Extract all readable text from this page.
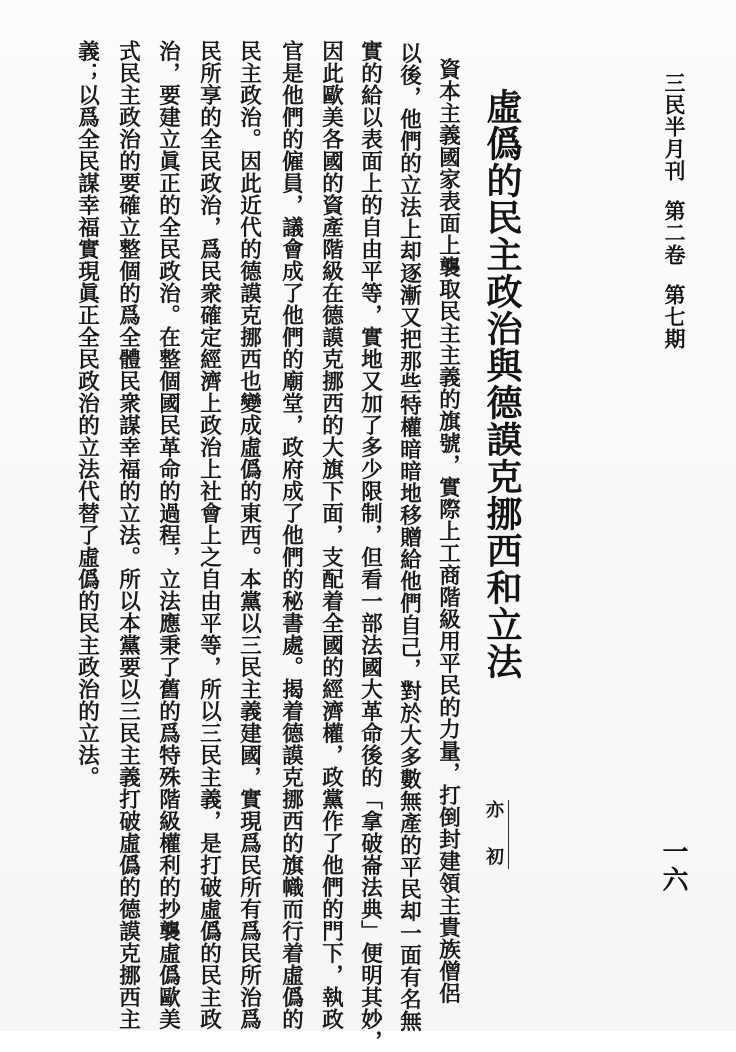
三民半月刊第二卷第七期
一六
虛僞的民主政治與德謨克挪西和立法
亦 初
資本主義國家表面上襲取民主主義的旗號，實際上工商階級用平民的力量，打倒封建領主貴族僧侶
以後，他們的立法上却逐漸又把那些特權暗暗地移贈給他們自己，對於大多數無產的平民却一面有名無
實的給以表面上的自由平等，實地又加了多少限制，但看一部法國大革命後的「拿破崙法典」便明其妙，
因此歐美各國的資產階級在德謨克挪西的大旗下面，支配着全國的經濟權，政黨作了他們的門下，執政
官是他們的僱員，議會成了他們的廟堂，政府成了他們的秘書處。揭着德謨克挪西的旗幟而行着虛僞的
民主政治。因此近代的德謨克挪西也變成虛僞的東西。本黨以三民主義建國，實現爲民所有爲民所治爲
民所享的全民政治，爲民衆確定經濟上政治上社會上之自由平等，所以三民主義，是打破虛僞的民主政
治，要建立眞正的全民政治。在整個國民革命的過程，立法應秉了舊的爲特殊階級權利的抄襲虛僞歐美
式民主政治的要確立整個的爲全體民衆謀幸福的立法。所以本黨要以三民主義打破虛僞的德謨克挪西主
義；以爲全民謀幸福實現眞正全民政治的立法代替了虛僞的民主政治的立法。
